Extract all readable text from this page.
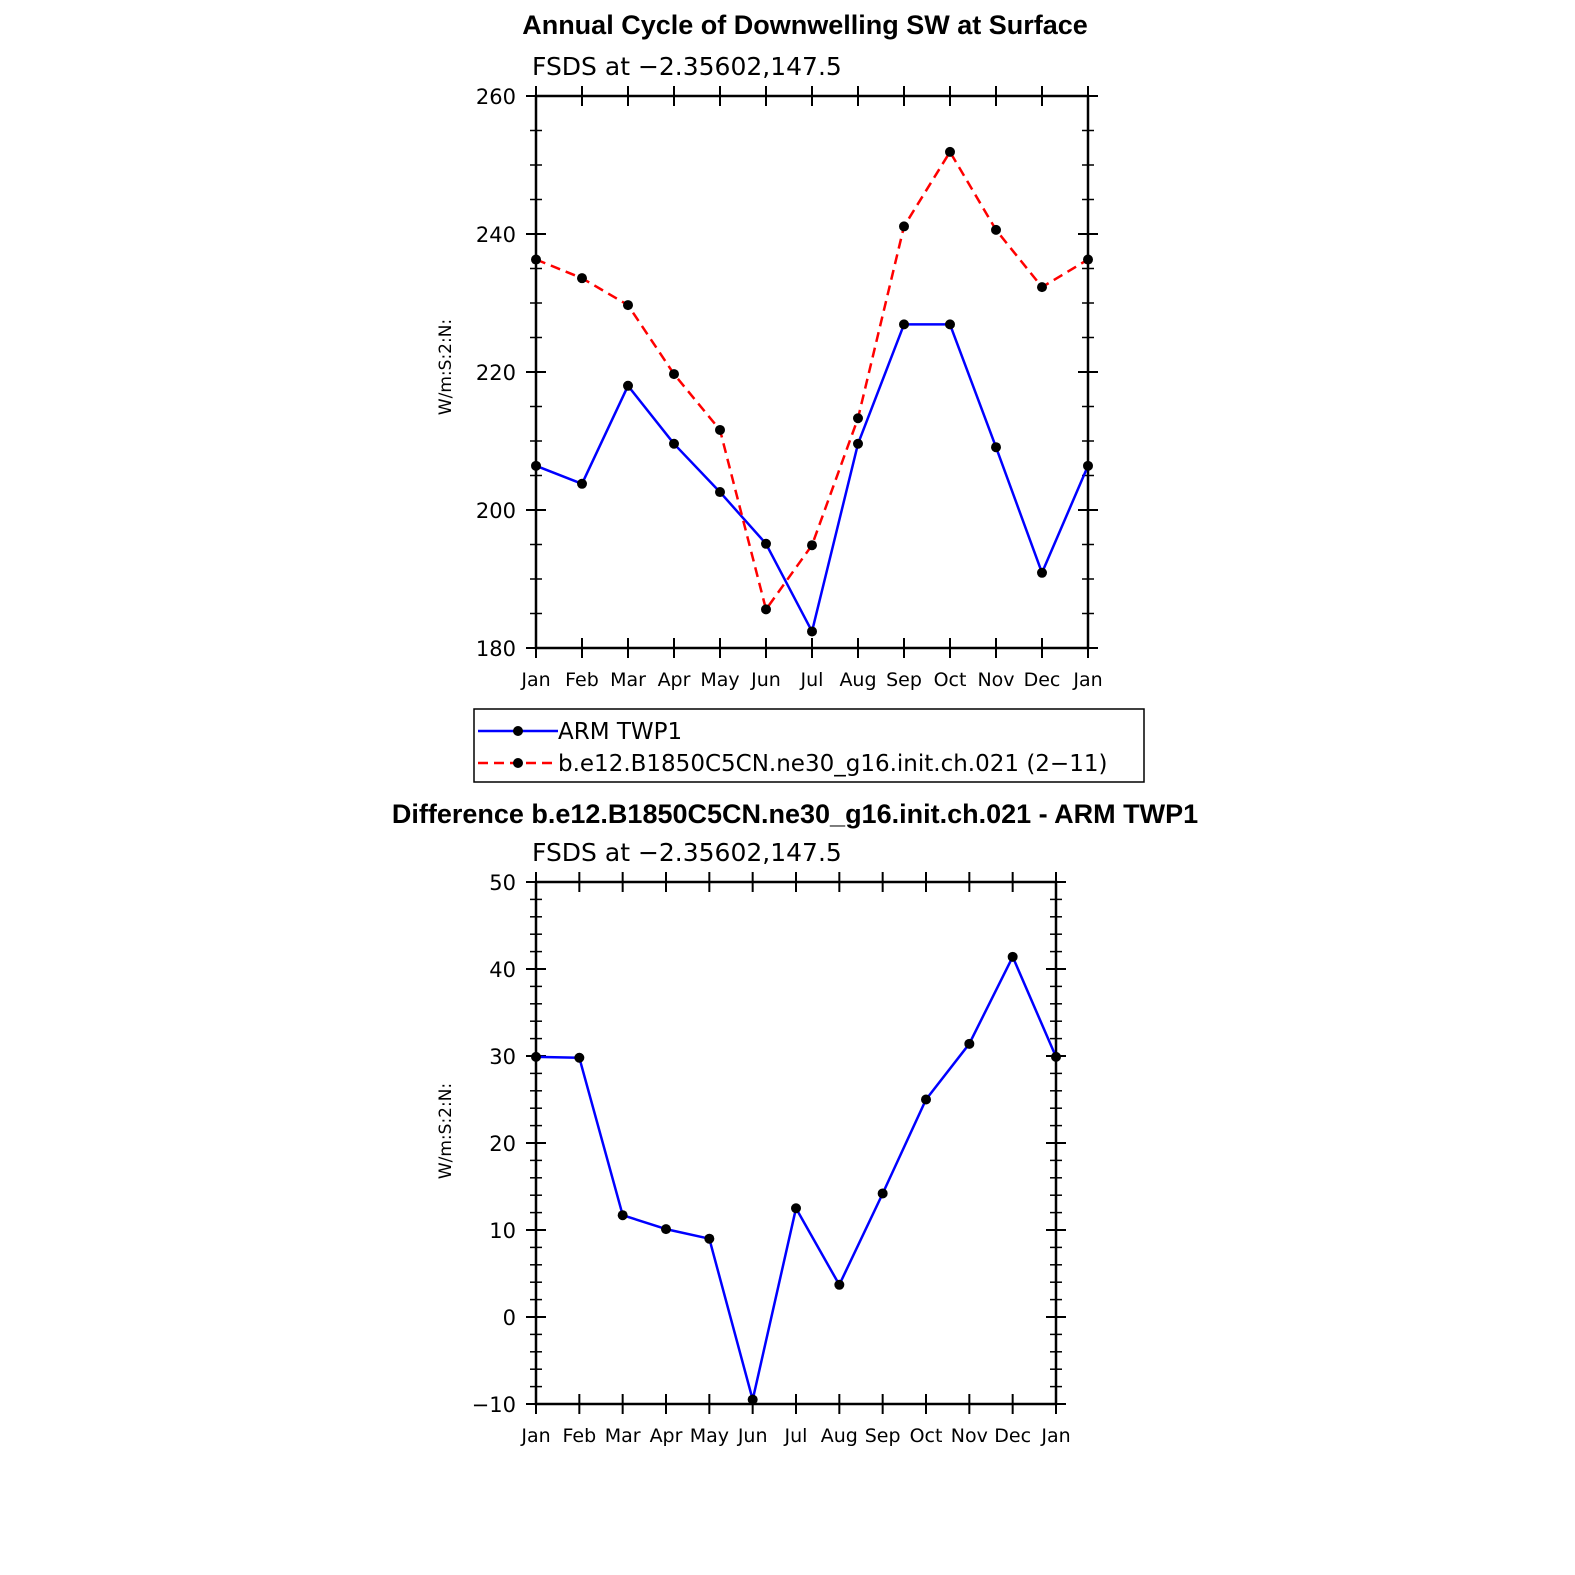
Annual Cycle of Downwelling SW at Surface
FSDS at −2.35602,147.5
W/m:S:2:N:
180
200
220
240
260
Jan Feb Mar Apr May Jun Jul Aug Sep Oct Nov Dec Jan
ARM TWP1
b.e12.B1850C5CN.ne30_g16.init.ch.021 (2−11)
Difference b.e12.B1850C5CN.ne30_g16.init.ch.021 - ARM TWP1
FSDS at −2.35602,147.5
W/m:S:2:N:
−10
0
10
20
30
40
50
Jan Feb Mar Apr May Jun Jul Aug Sep Oct Nov Dec Jan
